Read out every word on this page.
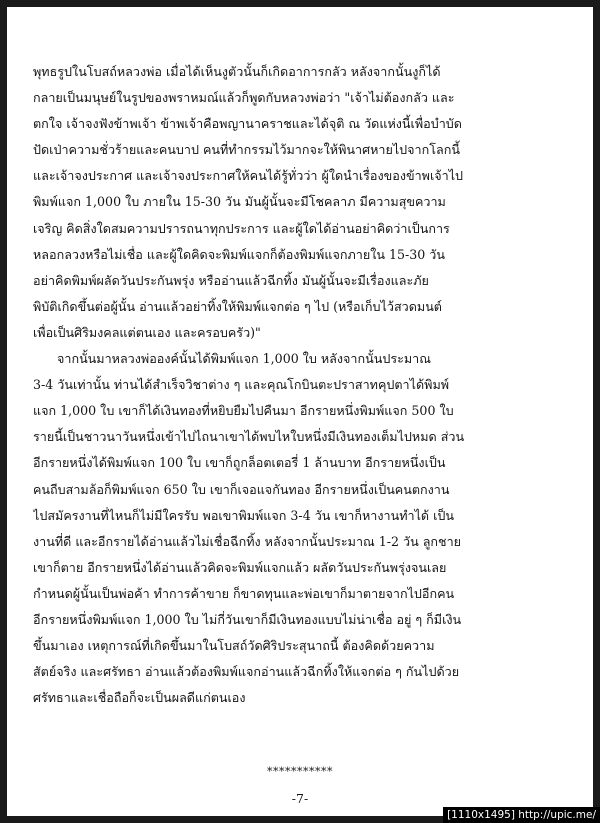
พุทธรูปในโบสถ์หลวงพ่อ เมื่อได้เห็นงูตัวนั้นก็เกิดอาการกลัว หลังจากนั้นงูก็ได้
กลายเป็นมนุษย์ในรูปของพราหมณ์แล้วก็พูดกับหลวงพ่อว่า "เจ้าไม่ต้องกลัว และ
ตกใจ เจ้าจงฟังข้าพเจ้า ข้าพเจ้าคือพญานาคราชและได้จุติ ณ วัดแห่งนี้เพื่อบำบัด
ปัดเป่าความชั่วร้ายและคนบาป คนที่ทำกรรมไว้มากจะให้พินาศหายไปจากโลกนี้
และเจ้าจงประกาศ และเจ้าจงประกาศให้คนได้รู้ทั่วว่า ผู้ใดนำเรื่องของข้าพเจ้าไป
พิมพ์แจก 1,000 ใบ ภายใน 15-30 วัน มันผู้นั้นจะมีโชคลาภ มีความสุขความ
เจริญ คิดสิ่งใดสมความปรารถนาทุกประการ และผู้ใดได้อ่านอย่าคิดว่าเป็นการ
หลอกลวงหรือไม่เชื่อ และผู้ใดคิดจะพิมพ์แจกก็ต้องพิมพ์แจกภายใน 15-30 วัน
อย่าคิดพิมพ์ผลัดวันประกันพรุ่ง หรืออ่านแล้วฉีกทิ้ง มันผู้นั้นจะมีเรื่องและภัย
พิบัติเกิดขึ้นต่อผู้นั้น อ่านแล้วอย่าทิ้งให้พิมพ์แจกต่อ ๆ ไป (หรือเก็บไว้สวดมนต์
เพื่อเป็นศิริมงคลแต่ตนเอง และครอบครัว)"
จากนั้นมาหลวงพ่อองค์นั้นได้พิมพ์แจก 1,000 ใบ หลังจากนั้นประมาณ
3-4 วันเท่านั้น ท่านได้สำเร็จวิชาต่าง ๆ และคุณโกบินตะปราสาทคุปตาได้พิมพ์
แจก 1,000 ใบ เขาก็ได้เงินทองที่หยิบยืมไปคืนมา อีกรายหนึ่งพิมพ์แจก 500 ใบ
รายนี้เป็นชาวนาวันหนึ่งเข้าไปไถนาเขาได้พบไหใบหนึ่งมีเงินทองเต็มไปหมด ส่วน
อีกรายหนึ่งได้พิมพ์แจก 100 ใบ เขาก็ถูกล็อตเตอรี่ 1 ล้านบาท อีกรายหนึ่งเป็น
คนถีบสามล้อก็พิมพ์แจก 650 ใบ เขาก็เจอแจกันทอง อีกรายหนึ่งเป็นคนตกงาน
ไปสมัครงานที่ไหนก็ไม่มีใครรับ พอเขาพิมพ์แจก 3-4 วัน เขาก็หางานทำได้ เป็น
งานที่ดี และอีกรายได้อ่านแล้วไม่เชื่อฉีกทิ้ง หลังจากนั้นประมาณ 1-2 วัน ลูกชาย
เขาก็ตาย อีกรายหนึ่งได้อ่านแล้วคิดจะพิมพ์แจกแล้ว ผลัดวันประกันพรุ่งจนเลย
กำหนดผู้นั้นเป็นพ่อค้า ทำการค้าขาย ก็ขาดทุนและพ่อเขาก็มาตายจากไปอีกคน
อีกรายหนึ่งพิมพ์แจก 1,000 ใบ ไม่กี่วันเขาก็มีเงินทองแบบไม่น่าเชื่อ อยู่ ๆ ก็มีเงิน
ขึ้นมาเอง เหตุการณ์ที่เกิดขึ้นมาในโบสถ์วัดศิริประสุนาถนี้ ต้องคิดด้วยความ
สัตย์จริง และศรัทธา อ่านแล้วต้องพิมพ์แจกอ่านแล้วฉีกทิ้งให้แจกต่อ ๆ กันไปด้วย
ศรัทธาและเชื่อถือก็จะเป็นผลดีแก่ตนเอง
***********
-7-
[1110x1495] http://upic.me/
